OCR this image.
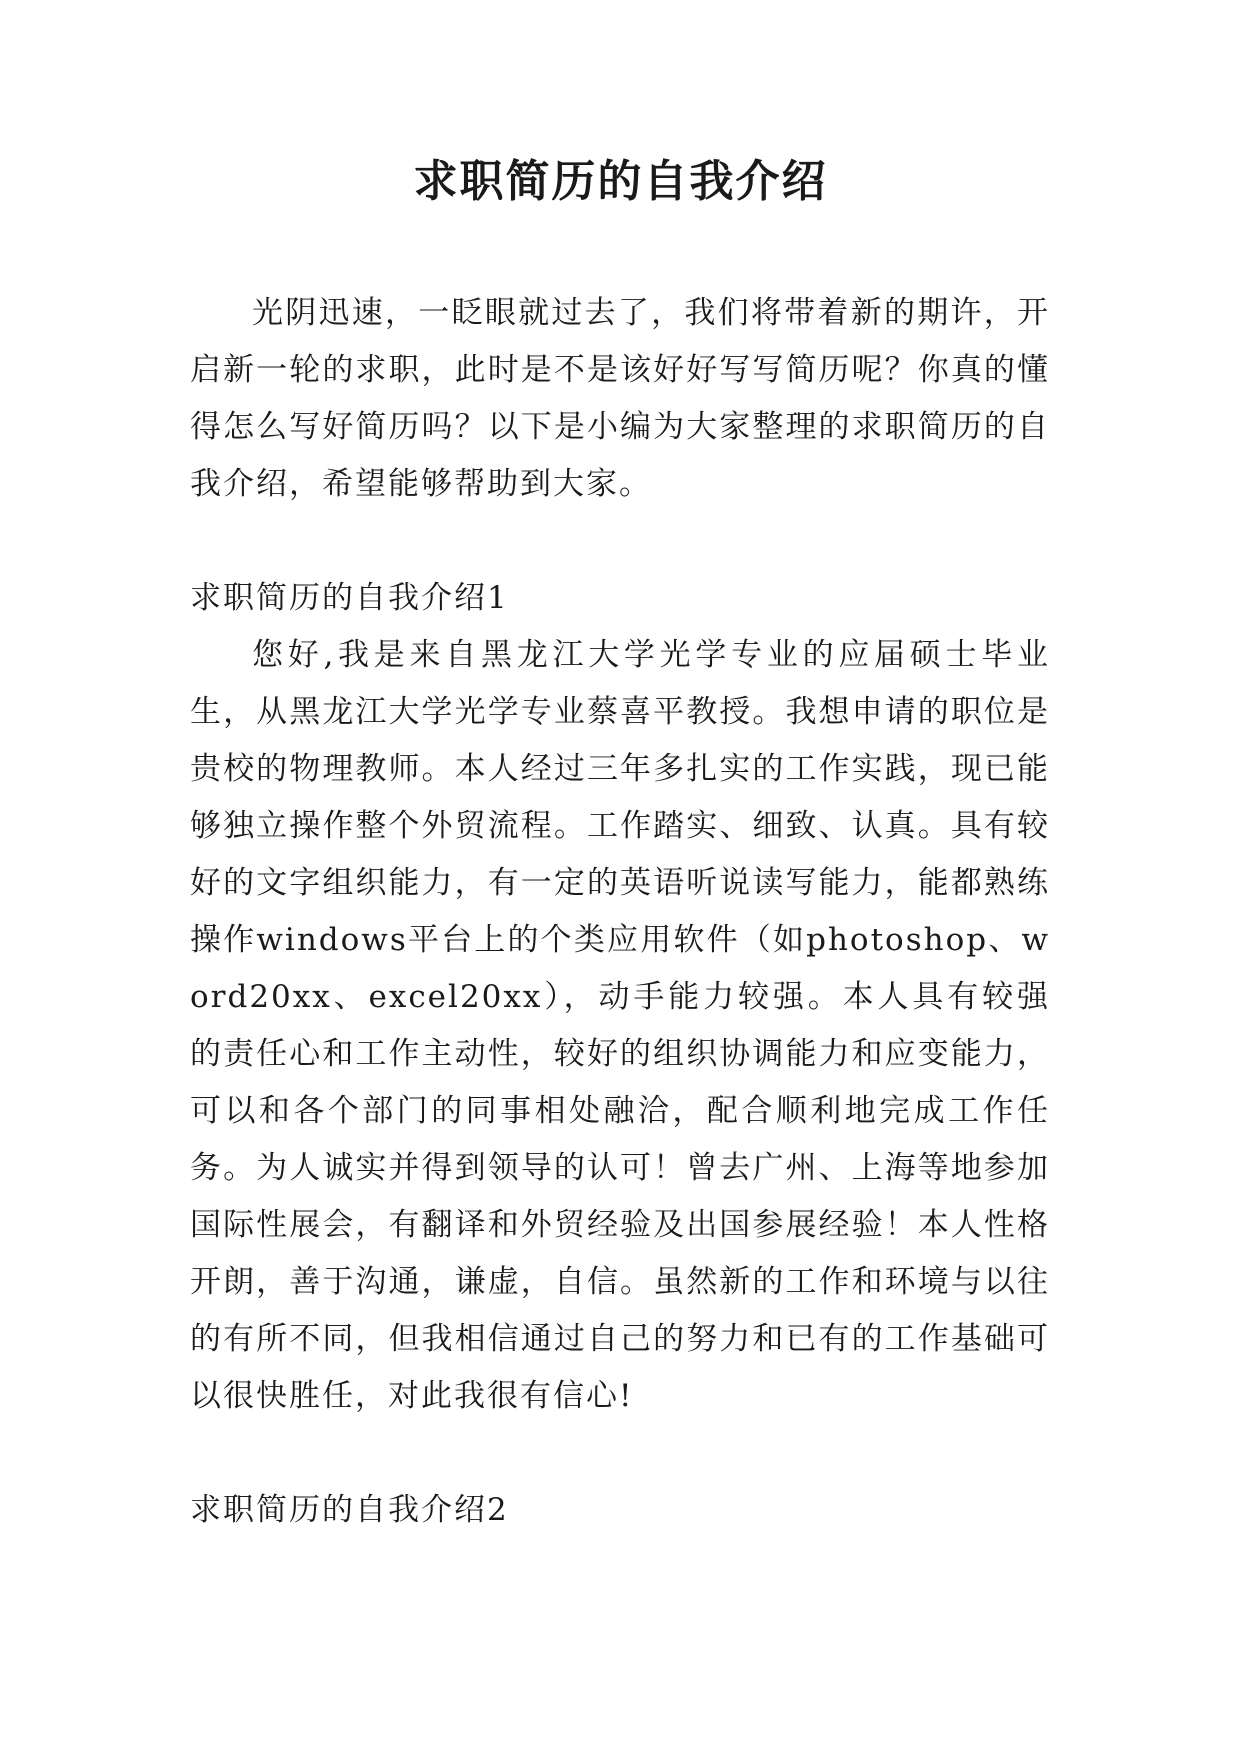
求职简历的自我介绍

光阴迅速，一眨眼就过去了，我们将带着新的期许，开启新一轮的求职，此时是不是该好好写写简历呢？你真的懂得怎么写好简历吗？以下是小编为大家整理的求职简历的自我介绍，希望能够帮助到大家。

求职简历的自我介绍1

您好,我是来自黑龙江大学光学专业的应届硕士毕业生，从黑龙江大学光学专业蔡喜平教授。我想申请的职位是贵校的物理教师。本人经过三年多扎实的工作实践，现已能够独立操作整个外贸流程。工作踏实、细致、认真。具有较好的文字组织能力，有一定的英语听说读写能力，能都熟练操作windows平台上的个类应用软件（如photoshop、word20xx、excel20xx），动手能力较强。本人具有较强的责任心和工作主动性，较好的组织协调能力和应变能力，可以和各个部门的同事相处融洽，配合顺利地完成工作任务。为人诚实并得到领导的认可！曾去广州、上海等地参加国际性展会，有翻译和外贸经验及出国参展经验！本人性格开朗，善于沟通，谦虚，自信。虽然新的工作和环境与以往的有所不同，但我相信通过自己的努力和已有的工作基础可以很快胜任，对此我很有信心!

求职简历的自我介绍2
